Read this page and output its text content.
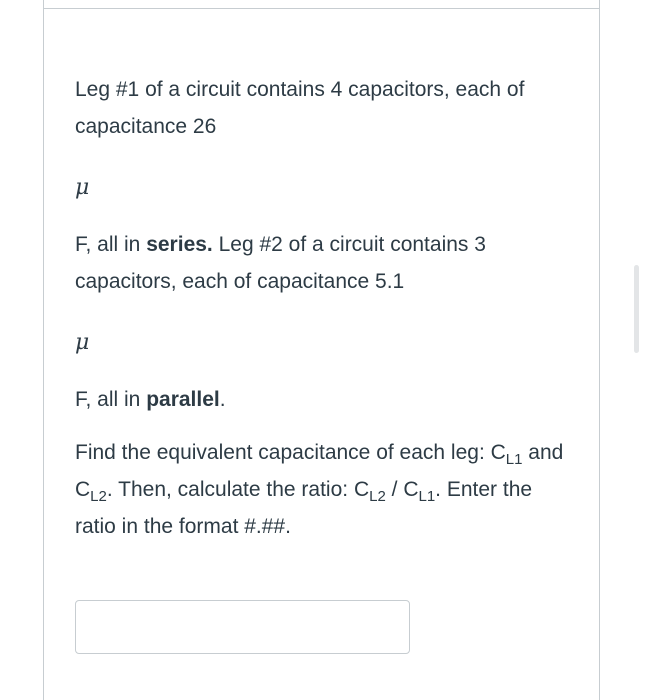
Leg #1 of a circuit contains 4 capacitors, each of capacitance 26

μ

F, all in series. Leg #2 of a circuit contains 3 capacitors, each of capacitance 5.1

μ

F, all in parallel.

Find the equivalent capacitance of each leg: $C_{L1}$ and $C_{L2}$. Then, calculate the ratio: $C_{L2} / C_{L1}$. Enter the ratio in the format #.##.
